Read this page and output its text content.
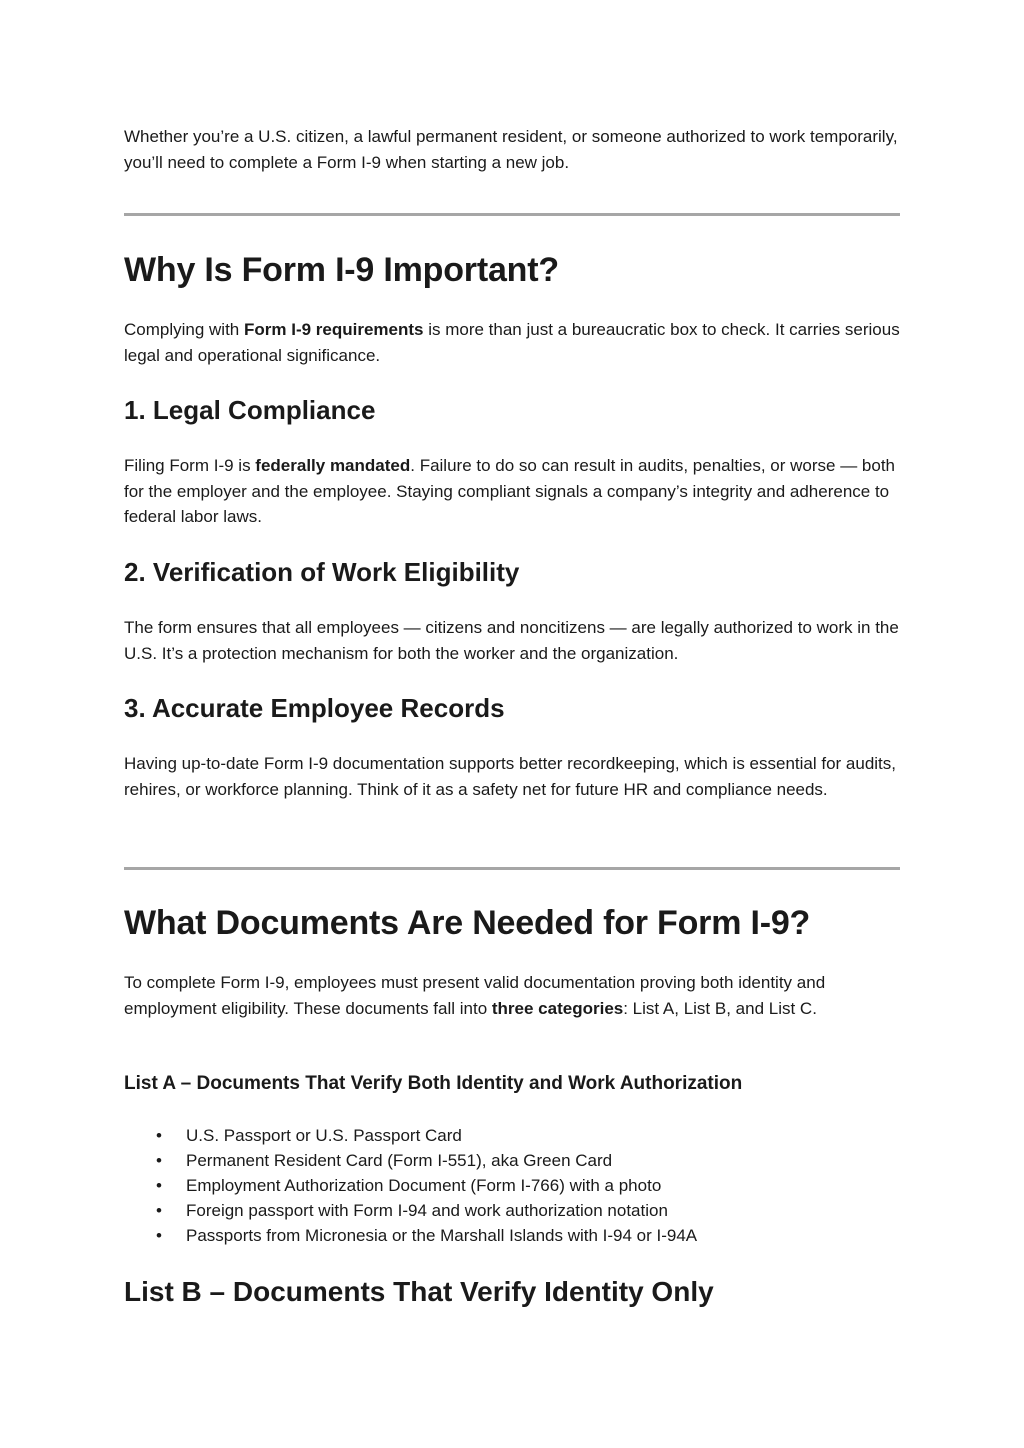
Whether you’re a U.S. citizen, a lawful permanent resident, or someone authorized to work temporarily, you’ll need to complete a Form I-9 when starting a new job.

Why Is Form I-9 Important?

Complying with Form I-9 requirements is more than just a bureaucratic box to check. It carries serious legal and operational significance.

1. Legal Compliance

Filing Form I-9 is federally mandated. Failure to do so can result in audits, penalties, or worse — both for the employer and the employee. Staying compliant signals a company’s integrity and adherence to federal labor laws.

2. Verification of Work Eligibility

The form ensures that all employees — citizens and noncitizens — are legally authorized to work in the U.S. It’s a protection mechanism for both the worker and the organization.

3. Accurate Employee Records

Having up-to-date Form I-9 documentation supports better recordkeeping, which is essential for audits, rehires, or workforce planning. Think of it as a safety net for future HR and compliance needs.

What Documents Are Needed for Form I-9?

To complete Form I-9, employees must present valid documentation proving both identity and employment eligibility. These documents fall into three categories: List A, List B, and List C.

List A – Documents That Verify Both Identity and Work Authorization
• U.S. Passport or U.S. Passport Card
• Permanent Resident Card (Form I-551), aka Green Card
• Employment Authorization Document (Form I-766) with a photo
• Foreign passport with Form I-94 and work authorization notation
• Passports from Micronesia or the Marshall Islands with I-94 or I-94A
List B – Documents That Verify Identity Only
